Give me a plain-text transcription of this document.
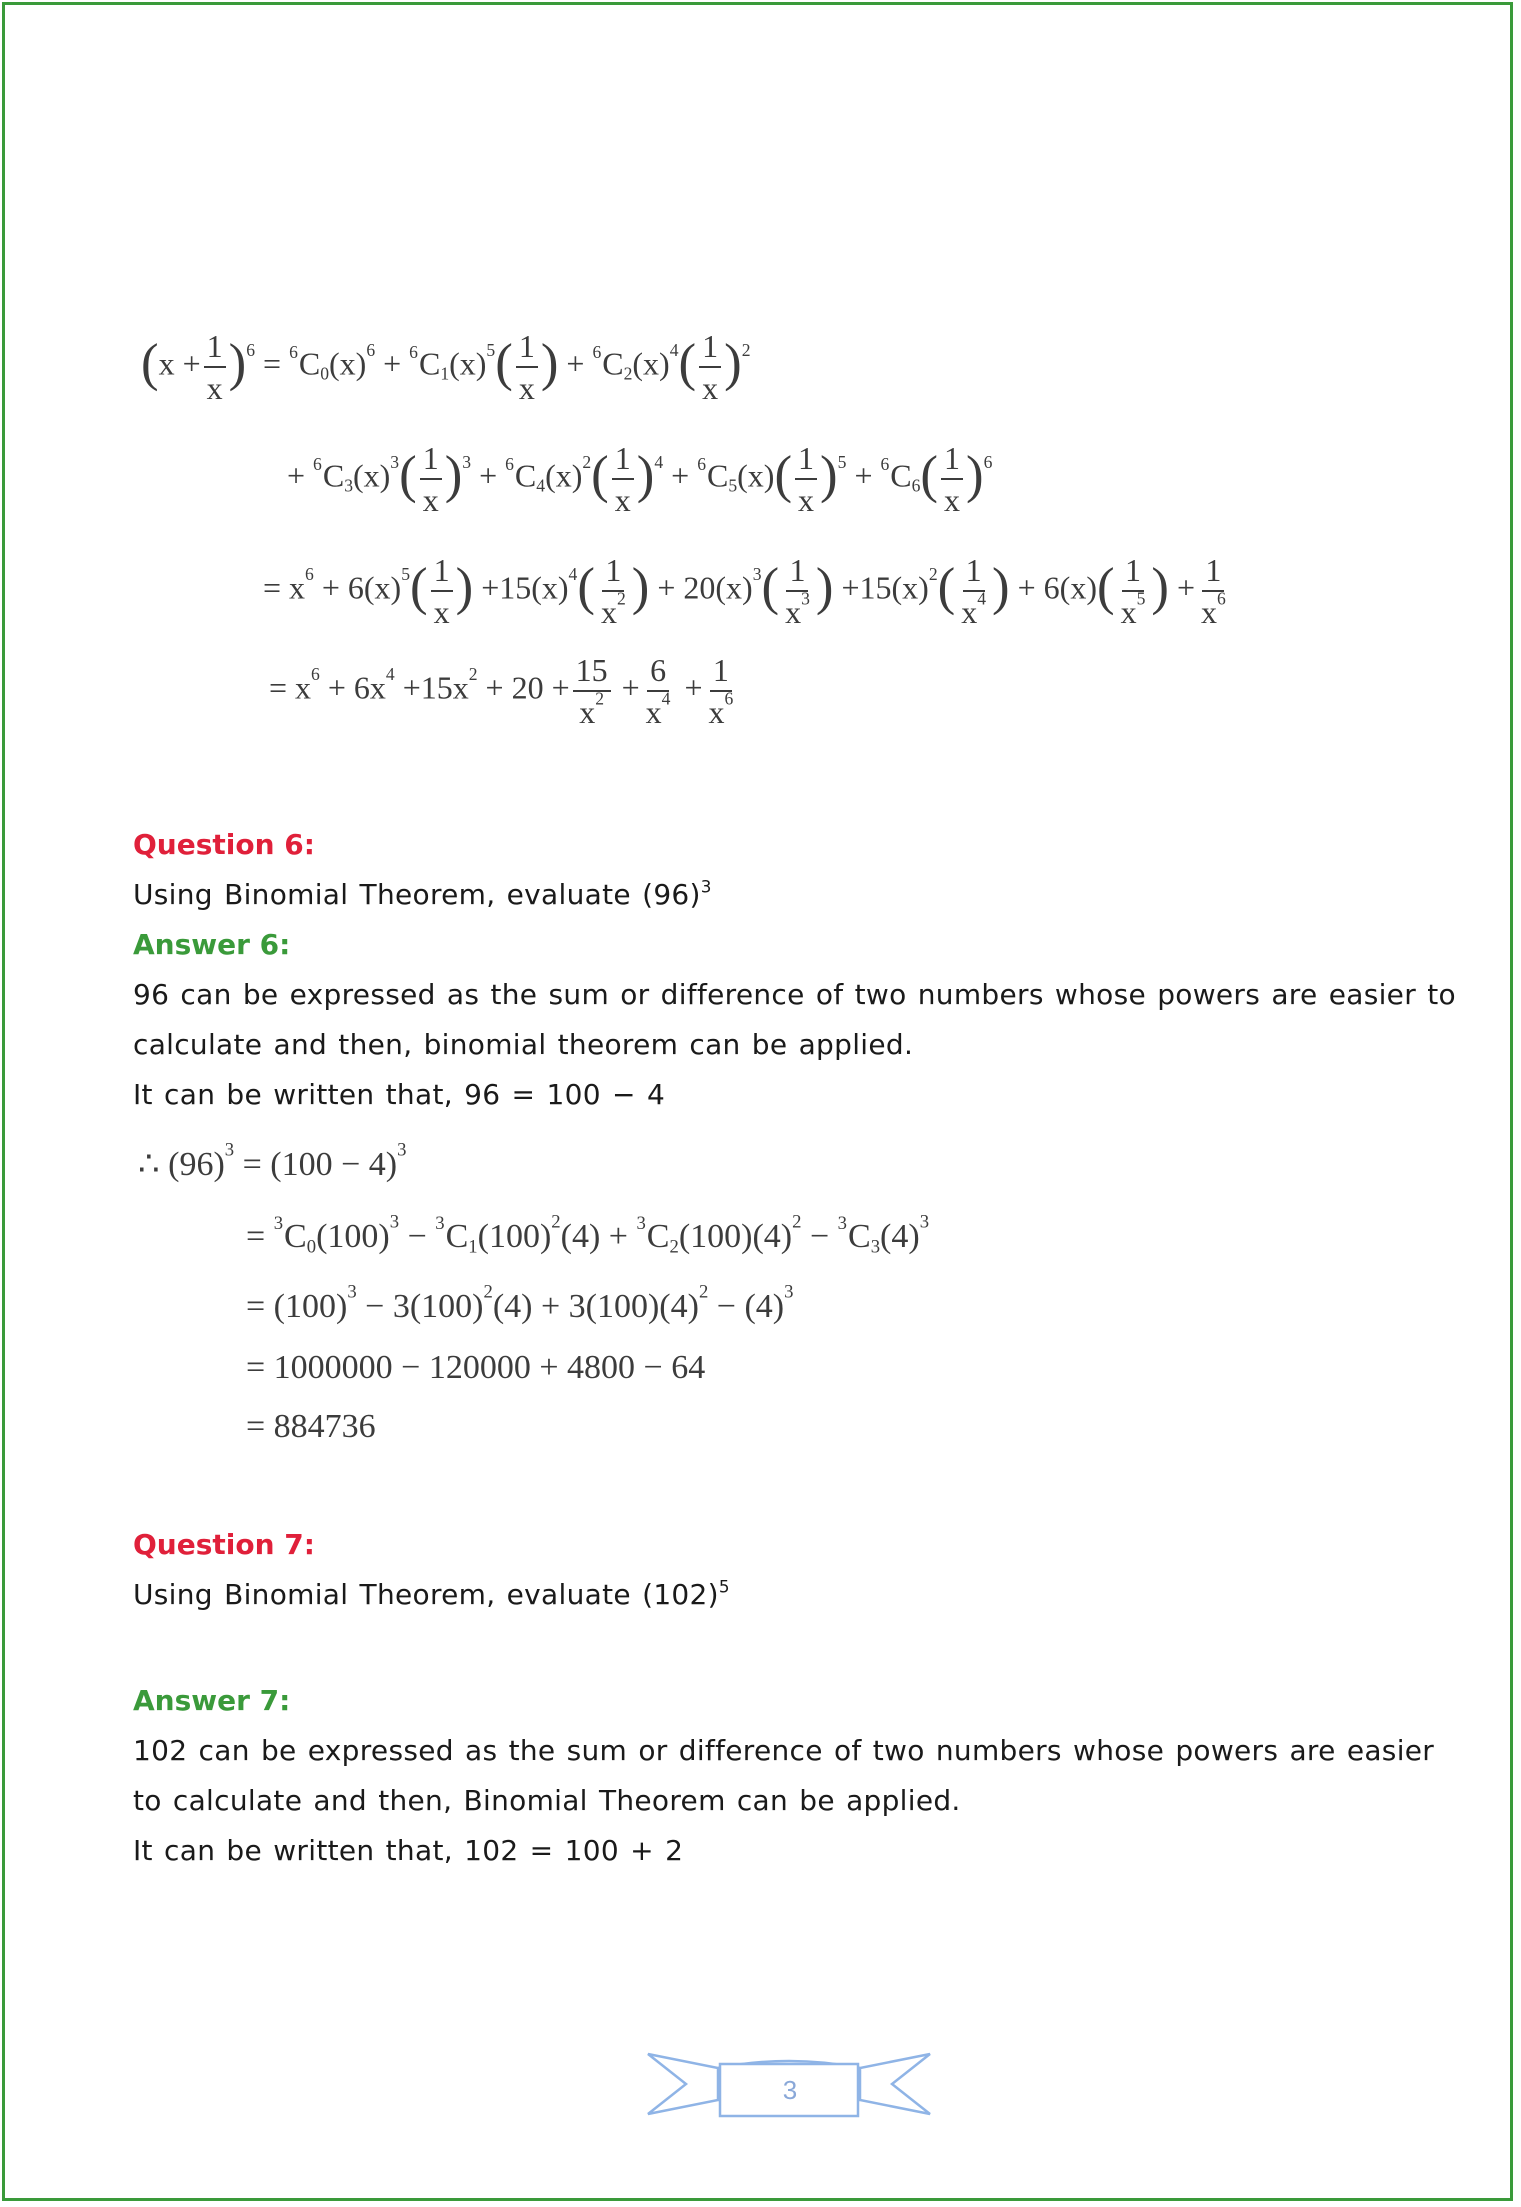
$(x + \frac{1}{x} )^6 = ^6C_0(x)^6 + ^6C_1(x)^5( \frac{1}{x}$ ) + $^6C_2(x)^4( \frac{1}{x} )^2$
+ $^6C_3(x)^3( \frac{1}{x} )^3 + ^6C_4(x)^2( \frac{1}{x} )^4 + ^6C_5(x)( \frac{1}{x} )^5 + ^6C_6( \frac{1}{x} )^6$
= $x^6 + 6(x)^5( \frac{1}{x}$ ) $+15(x)^4( \frac{1}{x^2}$ ) + $20(x)^3( \frac{1}{x^3}$ ) $+15(x)^2( \frac{1}{x^4}$ ) + $6(x)( \frac{1}{x^5}$ ) + $\frac{1}{x^6}$
= $x^6 + 6x^4 +15x^2 + 20 + \frac{15}{x^2} + \frac{6}{x^4} + \frac{1}{x^6}$
Question 6:
Using Binomial Theorem, evaluate $(96)^3$
Answer 6:
96 can be expressed as the sum or difference of two numbers whose powers are easier to
calculate and then, binomial theorem can be applied.
It can be written that, 96 = 100 − 4
∴ $(96)^3 = (100 - 4)^3$
= $^3C_0(100)^3 - ^3C_1(100)^2(4) + ^3C_2(100)(4)^2 - ^3C_3(4)^3$
= $(100)^3 - 3(100)^2(4) + 3(100)(4)^2 - (4)^3$
= 1000000 − 120000 + 4800 − 64
= 884736
Question 7:
Using Binomial Theorem, evaluate $(102)^5$
Answer 7:
102 can be expressed as the sum or difference of two numbers whose powers are easier
to calculate and then, Binomial Theorem can be applied.
It can be written that, 102 = 100 + 2
3
